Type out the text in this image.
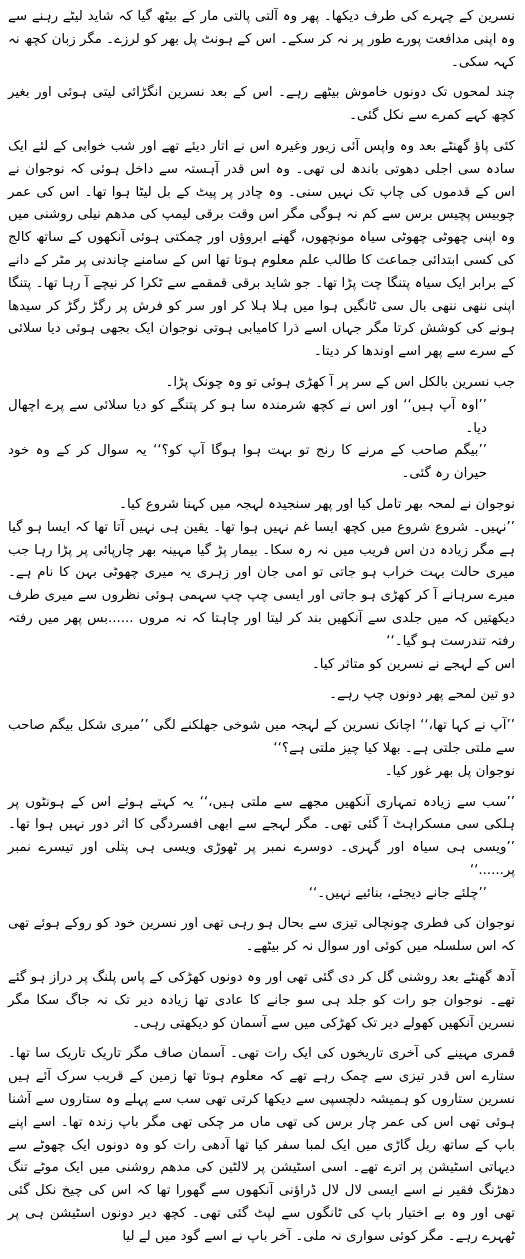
نسرین کے چہرے کی طرف دیکھا۔ پھر وہ آلتی پالتی مار کے بیٹھ گیا کہ شاید لیٹے رہنے سے وہ اپنی مدافعت پورے طور پر نہ کر سکے۔ اس کے ہونٹ پل بھر کو لرزے۔ مگر زبان کچھ نہ کہہ سکی۔

چند لمحوں تک دونوں خاموش بیٹھے رہے۔ اس کے بعد نسرین انگڑائی لیتی ہوئی اور بغیر کچھ کہے کمرے سے نکل گئی۔

کئی پاؤ گھنٹے بعد وہ واپس آئی زیور وغیرہ اس نے اتار دیئے تھے اور شب خوابی کے لئے ایک سادہ سی اجلی دھوتی باندھ لی تھی۔ وہ اس قدر آہستہ سے داخل ہوئی کہ نوجوان نے اس کے قدموں کی چاپ تک نہیں سنی۔ وہ چادر پر پیٹ کے بل لیٹا ہوا تھا۔ اس کی عمر چوبیس پچیس برس سے کم نہ ہوگی مگر اس وقت برقی لیمپ کی مدھم نیلی روشنی میں وہ اپنی چھوٹی چھوٹی سیاہ مونچھوں، گھنے ابروؤں اور چمکتی ہوئی آنکھوں کے ساتھ کالج کی کسی ابتدائی جماعت کا طالب علم معلوم ہوتا تھا اس کے سامنے چاندنی پر مٹر کے دانے کے برابر ایک سیاہ پتنگا چت پڑا تھا۔ جو شاید برقی قمقمے سے ٹکرا کر نیچے آ رہا تھا۔ پتنگا اپنی ننھی ننھی بال سی ٹانگیں ہوا میں ہلا ہلا کر اور سر کو فرش پر رگڑ رگڑ کر سیدھا ہونے کی کوشش کرتا مگر جہاں اسے ذرا کامیابی ہوتی نوجوان ایک بجھی ہوئی دیا سلائی کے سرے سے پھر اسے اوندھا کر دیتا۔

جب نسرین بالکل اس کے سر پر آ کھڑی ہوئی تو وہ چونک پڑا۔

’’اوہ آپ ہیں‘‘ اور اس نے کچھ شرمندہ سا ہو کر پتنگے کو دیا سلائی سے پرے اچھال دیا۔

’’بیگم صاحب کے مرنے کا رنج تو بہت ہوا ہوگا آپ کو؟‘‘ یہ سوال کر کے وہ خود حیران رہ گئی۔

نوجوان نے لمحہ بھر تامل کیا اور پھر سنجیدہ لہجہ میں کہنا شروع کیا۔

’’نہیں۔ شروع شروع میں کچھ ایسا غم نہیں ہوا تھا۔ یقین ہی نہیں آتا تھا کہ ایسا ہو گیا ہے مگر زیادہ دن اس فریب میں نہ رہ سکا۔ بیمار پڑ گیا مہینہ بھر چارپائی پر پڑا رہا جب میری حالت بہت خراب ہو جاتی تو امی جان اور زہری یہ میری چھوٹی بہن کا نام ہے۔ میرے سرہانے آ کر کھڑی ہو جاتی اور ایسی چپ چپ سہمی ہوئی نظروں سے میری طرف دیکھتیں کہ میں جلدی سے آنکھیں بند کر لیتا اور چاہتا کہ نہ مروں ......بس پھر میں رفتہ رفتہ تندرست ہو گیا۔‘‘

اس کے لہجے نے نسرین کو متاثر کیا۔

دو تین لمحے پھر دونوں چپ رہے۔

’’آپ نے کہا تھا،‘‘ اچانک نسرین کے لہجہ میں شوخی جھلکنے لگی ’’میری شکل بیگم صاحب سے ملتی جلتی ہے۔ بھلا کیا چیز ملتی ہے؟‘‘

نوجوان پل بھر غور کیا۔

’’سب سے زیادہ تمہاری آنکھیں مجھے سے ملتی ہیں،‘‘ یہ کہتے ہوئے اس کے ہونٹوں پر ہلکی سی مسکراہٹ آ گئی تھی۔ مگر لہجے سے ابھی افسردگی کا اثر دور نہیں ہوا تھا۔ ’’ویسی ہی سیاہ اور گہری۔ دوسرے نمبر پر ٹھوڑی ویسی ہی پتلی اور تیسرے نمبر پر......‘‘

’’چلئے جانے دیجئے، بنائیے نہیں۔‘‘

نوجوان کی فطری چونچالی تیزی سے بحال ہو رہی تھی اور نسرین خود کو روکے ہوئے تھی کہ اس سلسلہ میں کوئی اور سوال نہ کر بیٹھے۔

آدھ گھنٹے بعد روشنی گل کر دی گئی تھی اور وہ دونوں کھڑکی کے پاس پلنگ پر دراز ہو گئے تھے۔ نوجوان جو رات کو جلد ہی سو جانے کا عادی تھا زیادہ دیر تک نہ جاگ سکا مگر نسرین آنکھیں کھولے دیر تک کھڑکی میں سے آسمان کو دیکھتی رہی۔

قمری مہینے کی آخری تاریخوں کی ایک رات تھی۔ آسمان صاف مگر تاریک تاریک سا تھا۔ ستارے اس قدر تیزی سے چمک رہے تھے کہ معلوم ہوتا تھا زمین کے قریب سرک آئے ہیں نسرین ستاروں کو ہمیشہ دلچسپی سے دیکھا کرتی تھی سب سے پہلے وہ ستاروں سے آشنا ہوئی تھی اس کی عمر چار برس کی تھی ماں مر چکی تھی مگر باپ زندہ تھا۔ اسے اپنے باپ کے ساتھ ریل گاڑی میں ایک لمبا سفر کیا تھا آدھی رات کو وہ دونوں ایک چھوٹے سے دیہاتی اسٹیشن پر اترے تھے۔ اسی اسٹیشن پر لالٹین کی مدھم روشنی میں ایک موٹے تنگ دھڑنگ فقیر نے اسے ایسی لال لال ڈراؤنی آنکھوں سے گھورا تھا کہ اس کی چیخ نکل گئی تھی اور وہ بے اختیار باپ کی ٹانگوں سے لپٹ گئی تھی۔ کچھ دیر دونوں اسٹیشن ہی پر ٹھہرے رہے۔ مگر کوئی سواری نہ ملی۔ آخر باپ نے اسے گود میں لے لیا
